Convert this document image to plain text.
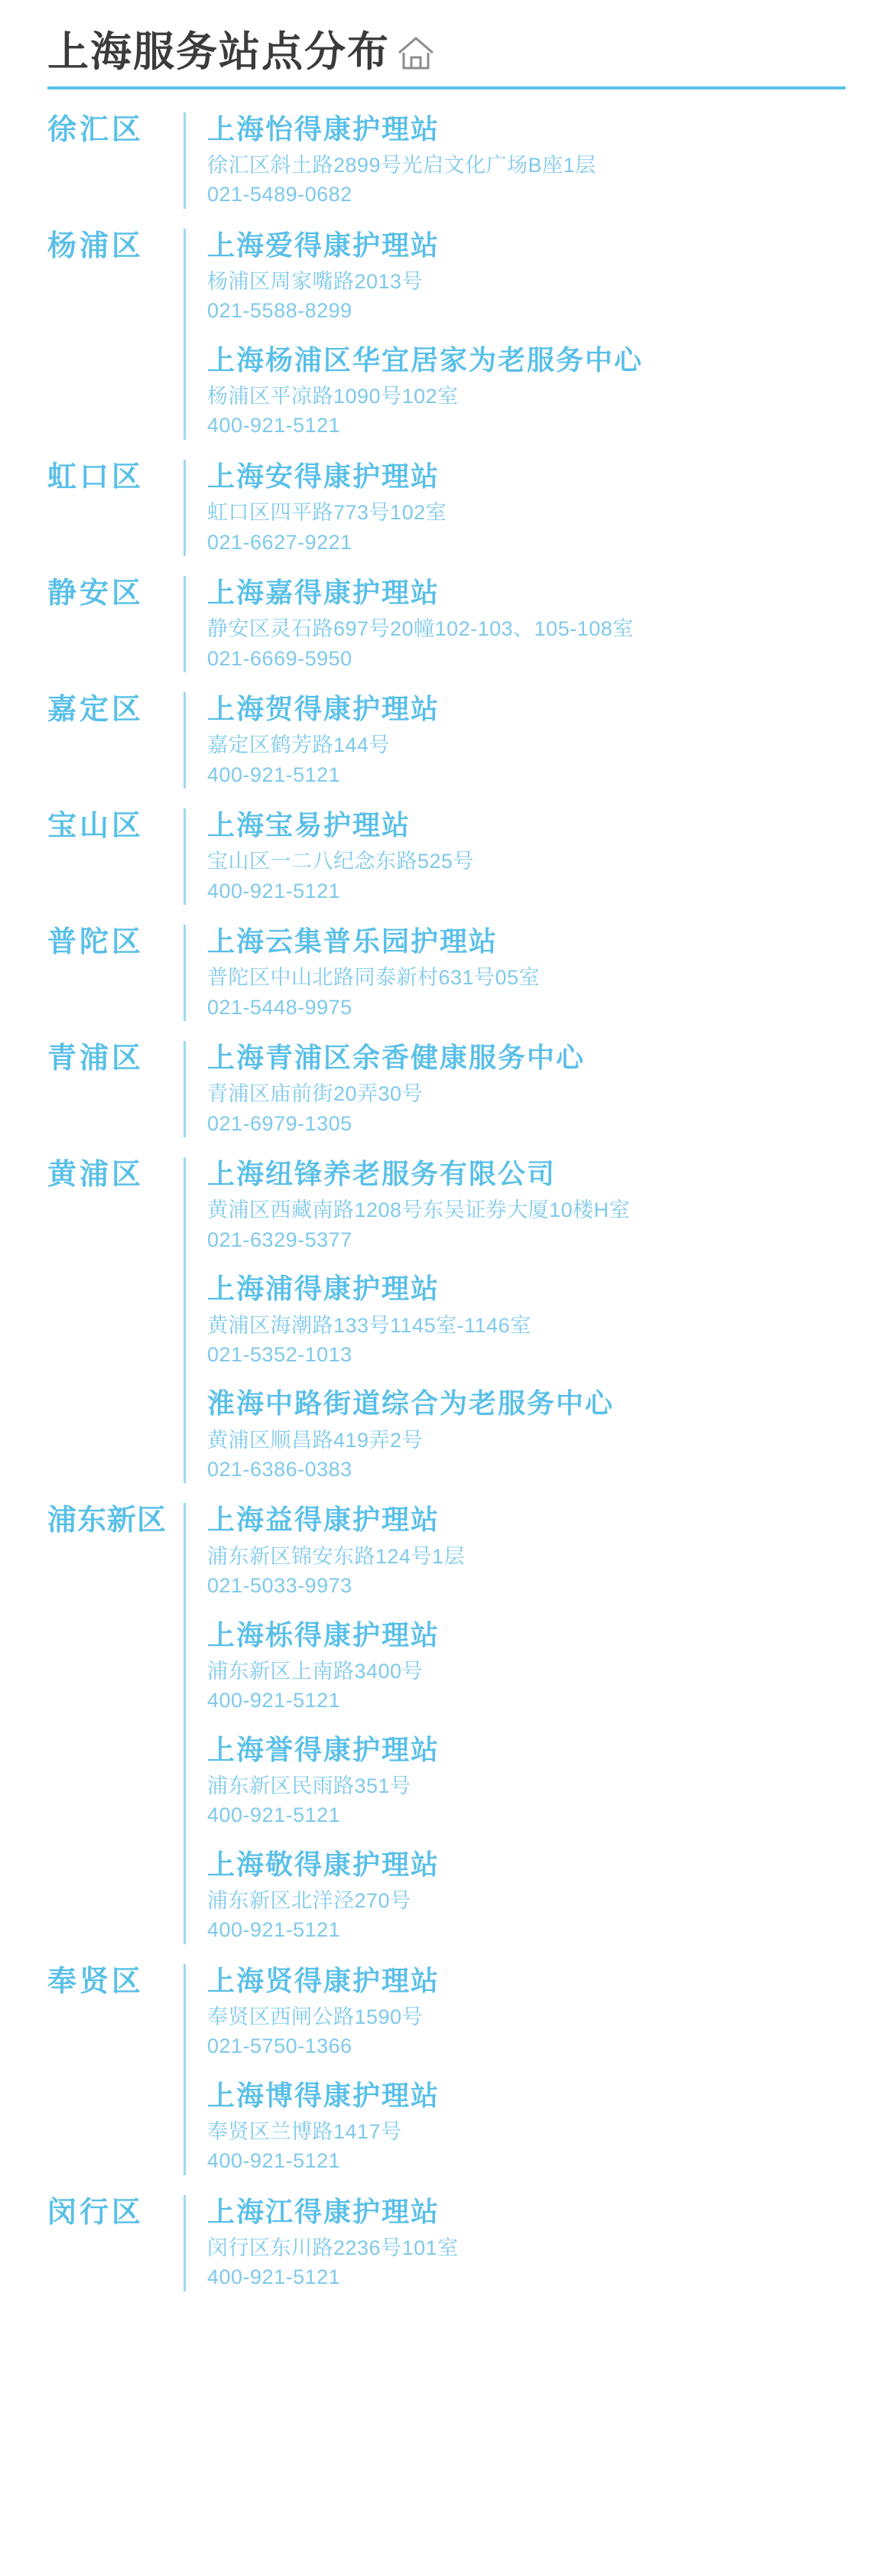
上海服务站点分布
徐汇区	上海怡得康护理站
徐汇区斜土路2899号光启文化广场B座1层
021-5489-0682
杨浦区	上海爱得康护理站
杨浦区周家嘴路2013号
021-5588-8299
上海杨浦区华宜居家为老服务中心
杨浦区平凉路1090号102室
400-921-5121
虹口区	上海安得康护理站
虹口区四平路773号102室
021-6627-9221
静安区	上海嘉得康护理站
静安区灵石路697号20幢102-103、105-108室
021-6669-5950
嘉定区	上海贺得康护理站
嘉定区鹤芳路144号
400-921-5121
宝山区	上海宝易护理站
宝山区一二八纪念东路525号
400-921-5121
普陀区	上海云集普乐园护理站
普陀区中山北路同泰新村631号05室
021-5448-9975
青浦区	上海青浦区余香健康服务中心
青浦区庙前街20弄30号
021-6979-1305
黄浦区	上海纽锋养老服务有限公司
黄浦区西藏南路1208号东吴证券大厦10楼H室
021-6329-5377
上海浦得康护理站
黄浦区海潮路133号1145室-1146室
021-5352-1013
淮海中路街道综合为老服务中心
黄浦区顺昌路419弄2号
021-6386-0383
浦东新区	上海益得康护理站
浦东新区锦安东路124号1层
021-5033-9973
上海栎得康护理站
浦东新区上南路3400号
400-921-5121
上海誉得康护理站
浦东新区民雨路351号
400-921-5121
上海敬得康护理站
浦东新区北洋泾270号
400-921-5121
奉贤区	上海贤得康护理站
奉贤区西闸公路1590号
021-5750-1366
上海博得康护理站
奉贤区兰博路1417号
400-921-5121
闵行区	上海江得康护理站
闵行区东川路2236号101室
400-921-5121
